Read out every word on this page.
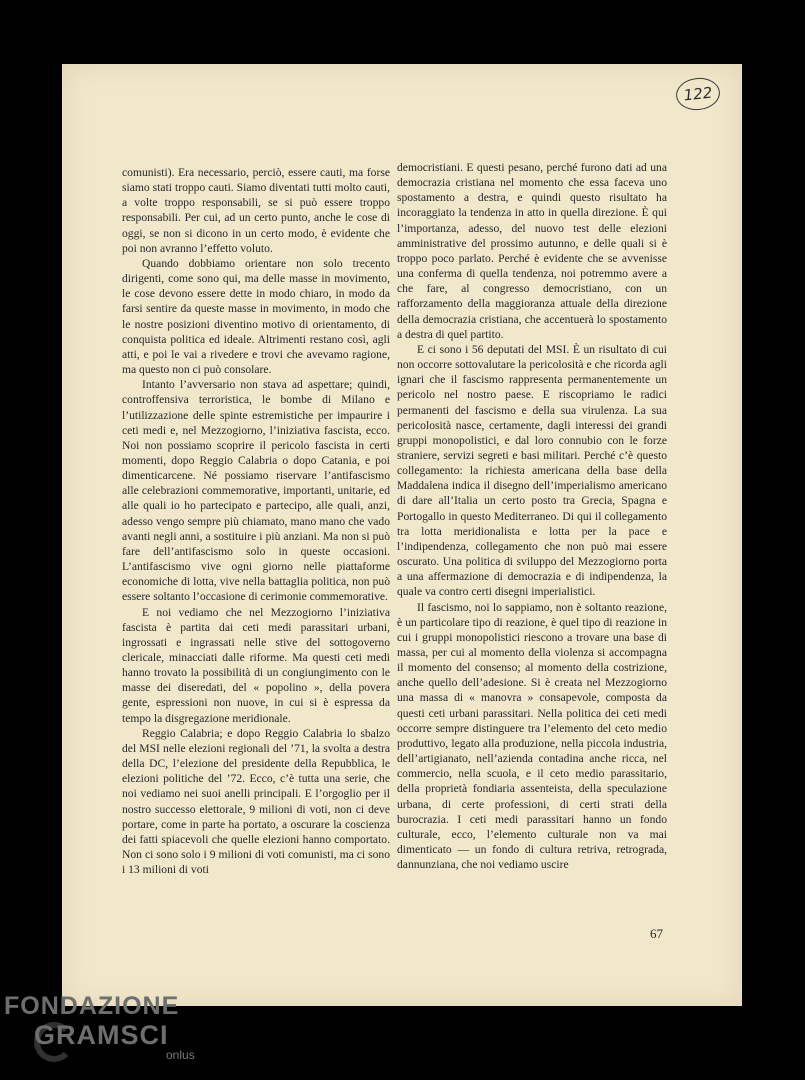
122

comunisti). Era necessario, perciò, essere cauti, ma forse siamo stati troppo cauti. Siamo diventati tutti molto cauti, a volte troppo responsabili, se si può essere troppo responsabili. Per cui, ad un certo punto, anche le cose di oggi, se non si dicono in un certo modo, è evidente che poi non avranno l’effetto voluto.

Quando dobbiamo orientare non solo trecento dirigenti, come sono qui, ma delle masse in movimento, le cose devono essere dette in modo chiaro, in modo da farsi sentire da queste masse in movimento, in modo che le nostre posizioni diventino motivo di orientamento, di conquista politica ed ideale. Altrimenti restano così, agli atti, e poi le vai a rivedere e trovi che avevamo ragione, ma questo non ci può consolare.

Intanto l’avversario non stava ad aspettare; quindi, controffensiva terroristica, le bombe di Milano e l’utilizzazione delle spinte estremistiche per impaurire i ceti medi e, nel Mezzogiorno, l’iniziativa fascista, ecco. Noi non possiamo scoprire il pericolo fascista in certi momenti, dopo Reggio Calabria o dopo Catania, e poi dimenticarcene. Né possiamo riservare l’antifascismo alle celebrazioni commemorative, importanti, unitarie, ed alle quali io ho partecipato e partecipo, alle quali, anzi, adesso vengo sempre più chiamato, mano mano che vado avanti negli anni, a sostituire i più anziani. Ma non si può fare dell’antifascismo solo in queste occasioni. L’antifascismo vive ogni giorno nelle piattaforme economiche di lotta, vive nella battaglia politica, non può essere soltanto l’occasione di cerimonie commemorative.

E noi vediamo che nel Mezzogiorno l’iniziativa fascista è partita dai ceti medi parassitari urbani, ingrossati e ingrassati nelle stive del sottogoverno clericale, minacciati dalle riforme. Ma questi ceti medi hanno trovato la possibilità di un congiungimento con le masse dei diseredati, del « popolino », della povera gente, espressioni non nuove, in cui si è espressa da tempo la disgregazione meridionale.

Reggio Calabria; e dopo Reggio Calabria lo sbalzo del MSI nelle elezioni regionali del ’71, la svolta a destra della DC, l’elezione del presidente della Repubblica, le elezioni politiche del ’72. Ecco, c’è tutta una serie, che noi vediamo nei suoi anelli principali. E l’orgoglio per il nostro successo elettorale, 9 milioni di voti, non ci deve portare, come in parte ha portato, a oscurare la coscienza dei fatti spiacevoli che quelle elezioni hanno comportato. Non ci sono solo i 9 milioni di voti comunisti, ma ci sono i 13 milioni di voti

democristiani. E questi pesano, perché furono dati ad una democrazia cristiana nel momento che essa faceva uno spostamento a destra, e quindi questo risultato ha incoraggiato la tendenza in atto in quella direzione. È qui l’importanza, adesso, del nuovo test delle elezioni amministrative del prossimo autunno, e delle quali si è troppo poco parlato. Perché è evidente che se avvenisse una conferma di quella tendenza, noi potremmo avere a che fare, al congresso democristiano, con un rafforzamento della maggioranza attuale della direzione della democrazia cristiana, che accentuerà lo spostamento a destra di quel partito.

E ci sono i 56 deputati del MSI. È un risultato di cui non occorre sottovalutare la pericolosità e che ricorda agli ignari che il fascismo rappresenta permanentemente un pericolo nel nostro paese. E riscopriamo le radici permanenti del fascismo e della sua virulenza. La sua pericolosità nasce, certamente, dagli interessi dei grandi gruppi monopolistici, e dal loro connubio con le forze straniere, servizi segreti e basi militari. Perché c’è questo collegamento: la richiesta americana della base della Maddalena indica il disegno dell’imperialismo americano di dare all’Italia un certo posto tra Grecia, Spagna e Portogallo in questo Mediterraneo. Di qui il collegamento tra lotta meridionalista e lotta per la pace e l’indipendenza, collegamento che non può mai essere oscurato. Una politica di sviluppo del Mezzogiorno porta a una affermazione di democrazia e di indipendenza, la quale va contro certi disegni imperialistici.

Il fascismo, noi lo sappiamo, non è soltanto reazione, è un particolare tipo di reazione, è quel tipo di reazione in cui i gruppi monopolistici riescono a trovare una base di massa, per cui al momento della violenza si accompagna il momento del consenso; al momento della costrizione, anche quello dell’adesione. Si è creata nel Mezzogiorno una massa di « manovra » consapevole, composta da questi ceti urbani parassitari. Nella politica dei ceti medi occorre sempre distinguere tra l’elemento del ceto medio produttivo, legato alla produzione, nella piccola industria, dell’artigianato, nell’azienda contadina anche ricca, nel commercio, nella scuola, e il ceto medio parassitario, della proprietà fondiaria assenteista, della speculazione urbana, di certe professioni, di certi strati della burocrazia. I ceti medi parassitari hanno un fondo culturale, ecco, l’elemento culturale non va mai dimenticato — un fondo di cultura retriva, retrograda, dannunziana, che noi vediamo uscire

67
FONDAZIONE
GRAMSCI
onlus
